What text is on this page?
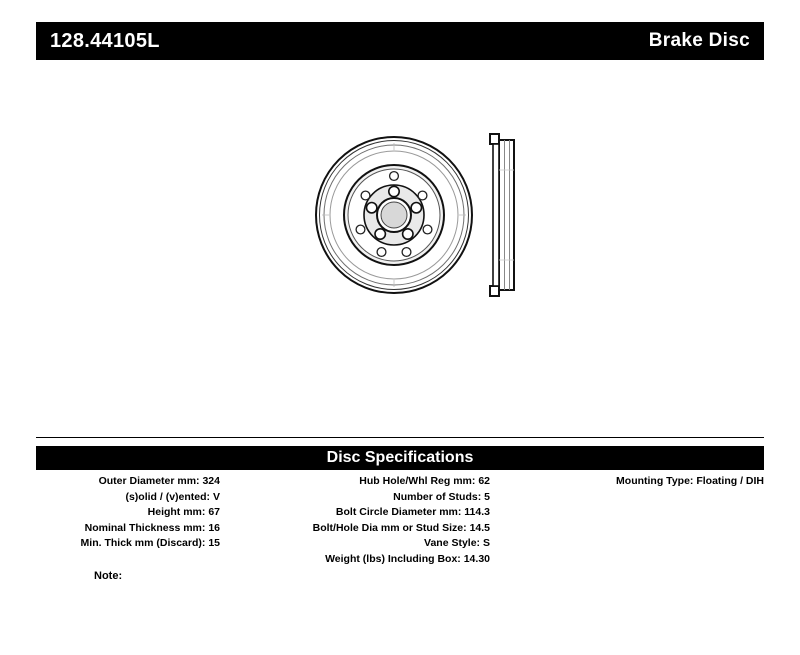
128.44105L	Brake Disc
Disc Specifications
Outer Diameter mm: 324
(s)olid / (v)ented: V
Height mm: 67
Nominal Thickness mm: 16
Min. Thick mm (Discard): 15
Hub Hole/Whl Reg mm: 62
Number of Studs: 5
Bolt Circle Diameter mm: 114.3
Bolt/Hole Dia mm or Stud Size: 14.5
Vane Style: S
Weight (lbs) Including Box: 14.30
Mounting Type: Floating / DIH
Note:
